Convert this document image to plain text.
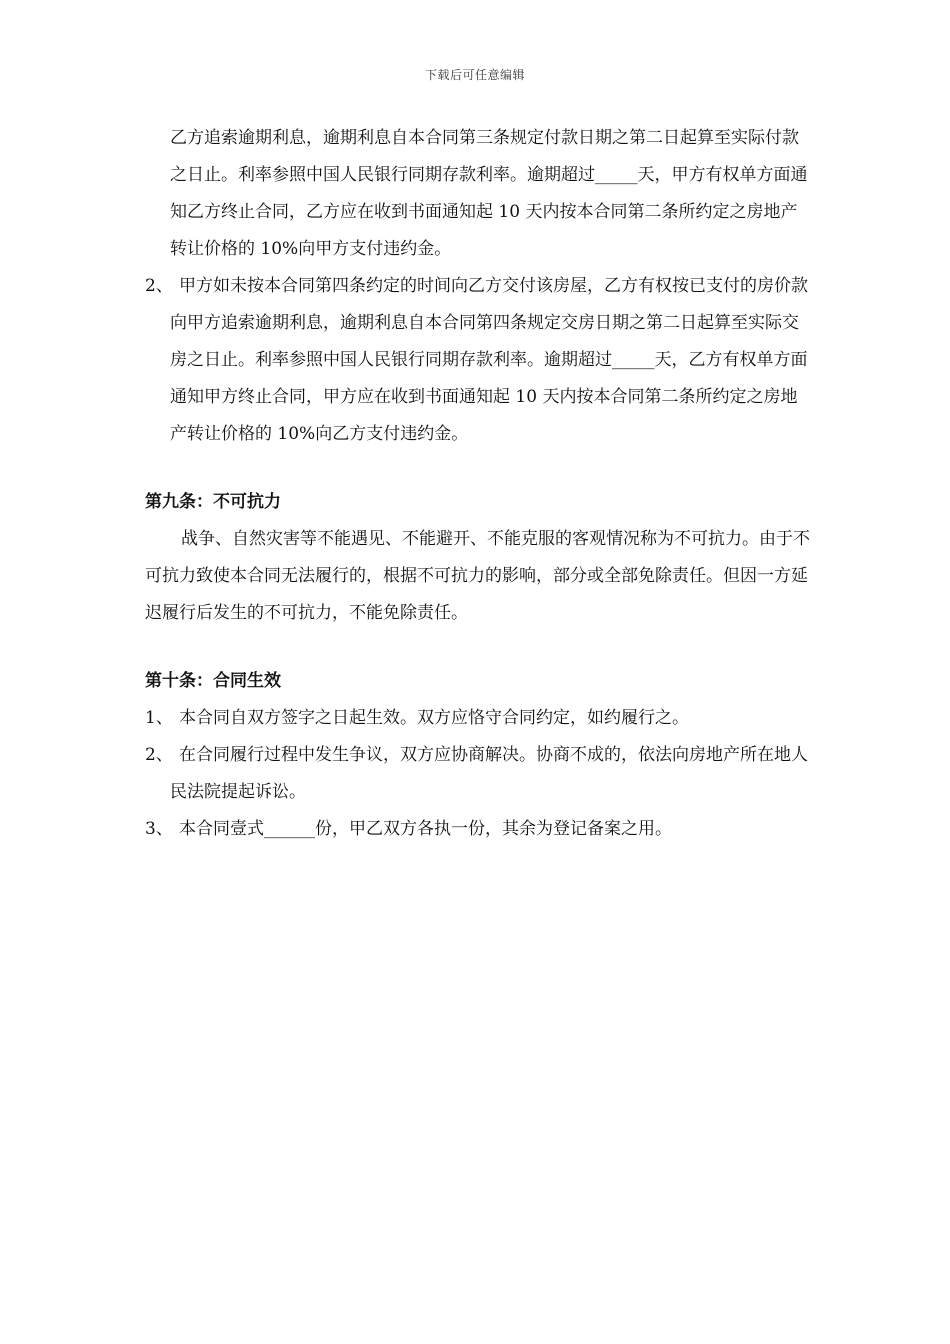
下载后可任意编辑
乙方追索逾期利息，逾期利息自本合同第三条规定付款日期之第二日起算至实际付款之日止。利率参照中国人民银行同期存款利率。逾期超过_____天，甲方有权单方面通知乙方终止合同，乙方应在收到书面通知起 10 天内按本合同第二条所约定之房地产转让价格的 10%向甲方支付违约金。
2、 甲方如未按本合同第四条约定的时间向乙方交付该房屋，乙方有权按已支付的房价款向甲方追索逾期利息，逾期利息自本合同第四条规定交房日期之第二日起算至实际交房之日止。利率参照中国人民银行同期存款利率。逾期超过_____天，乙方有权单方面通知甲方终止合同，甲方应在收到书面通知起 10 天内按本合同第二条所约定之房地产转让价格的 10%向乙方支付违约金。
第九条：不可抗力
战争、自然灾害等不能遇见、不能避开、不能克服的客观情况称为不可抗力。由于不可抗力致使本合同无法履行的，根据不可抗力的影响，部分或全部免除责任。但因一方延迟履行后发生的不可抗力，不能免除责任。
第十条：合同生效
1、 本合同自双方签字之日起生效。双方应恪守合同约定，如约履行之。
2、 在合同履行过程中发生争议，双方应协商解决。协商不成的，依法向房地产所在地人民法院提起诉讼。
3、 本合同壹式______份，甲乙双方各执一份，其余为登记备案之用。
